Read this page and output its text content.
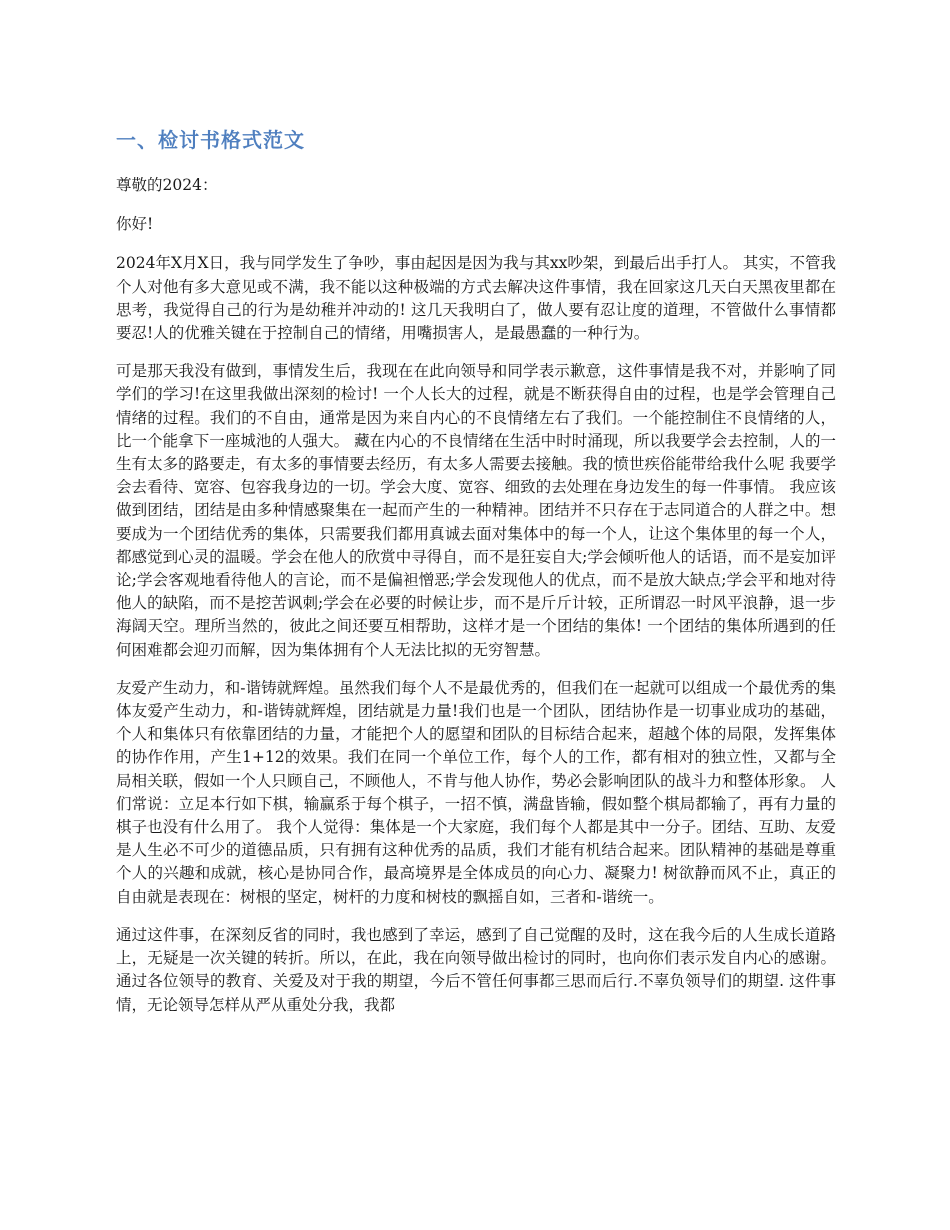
一、检讨书格式范文

尊敬的2024：

你好!

2024年X月X日，我与同学发生了争吵，事由起因是因为我与其xx吵架，到最后出手打人。 其实，不管我个人对他有多大意见或不满，我不能以这种极端的方式去解决这件事情，我在回家这几天白天黑夜里都在思考，我觉得自己的行为是幼稚并冲动的! 这几天我明白了，做人要有忍让度的道理，不管做什么事情都要忍!人的优雅关键在于控制自己的情绪，用嘴损害人，是最愚蠢的一种行为。

可是那天我没有做到，事情发生后，我现在在此向领导和同学表示歉意，这件事情是我不对，并影响了同学们的学习!在这里我做出深刻的检讨! 一个人长大的过程，就是不断获得自由的过程，也是学会管理自己情绪的过程。我们的不自由，通常是因为来自内心的不良情绪左右了我们。一个能控制住不良情绪的人，比一个能拿下一座城池的人强大。 藏在内心的不良情绪在生活中时时涌现，所以我要学会去控制，人的一生有太多的路要走，有太多的事情要去经历，有太多人需要去接触。我的愤世疾俗能带给我什么呢 我要学会去看待、宽容、包容我身边的一切。学会大度、宽容、细致的去处理在身边发生的每一件事情。 我应该做到团结，团结是由多种情感聚集在一起而产生的一种精神。团结并不只存在于志同道合的人群之中。想要成为一个团结优秀的集体，只需要我们都用真诚去面对集体中的每一个人，让这个集体里的每一个人，都感觉到心灵的温暖。学会在他人的欣赏中寻得自，而不是狂妄自大;学会倾听他人的话语，而不是妄加评论;学会客观地看待他人的言论，而不是偏袒憎恶;学会发现他人的优点，而不是放大缺点;学会平和地对待他人的缺陷，而不是挖苦讽刺;学会在必要的时候让步，而不是斤斤计较，正所谓忍一时风平浪静，退一步海阔天空。理所当然的，彼此之间还要互相帮助，这样才是一个团结的集体! 一个团结的集体所遇到的任何困难都会迎刃而解，因为集体拥有个人无法比拟的无穷智慧。

友爱产生动力，和-谐铸就辉煌。虽然我们每个人不是最优秀的，但我们在一起就可以组成一个最优秀的集体友爱产生动力，和-谐铸就辉煌，团结就是力量!我们也是一个团队，团结协作是一切事业成功的基础，个人和集体只有依靠团结的力量，才能把个人的愿望和团队的目标结合起来，超越个体的局限，发挥集体的协作作用，产生1+12的效果。我们在同一个单位工作，每个人的工作，都有相对的独立性，又都与全局相关联，假如一个人只顾自己，不顾他人，不肯与他人协作，势必会影响团队的战斗力和整体形象。 人们常说：立足本行如下棋，输赢系于每个棋子，一招不慎，满盘皆输，假如整个棋局都输了，再有力量的棋子也没有什么用了。 我个人觉得：集体是一个大家庭，我们每个人都是其中一分子。团结、互助、友爱是人生必不可少的道德品质，只有拥有这种优秀的品质，我们才能有机结合起来。团队精神的基础是尊重个人的兴趣和成就，核心是协同合作，最高境界是全体成员的向心力、凝聚力! 树欲静而风不止，真正的自由就是表现在：树根的坚定，树杆的力度和树枝的飘摇自如，三者和-谐统一。

通过这件事，在深刻反省的同时，我也感到了幸运，感到了自己觉醒的及时，这在我今后的人生成长道路上，无疑是一次关键的转折。所以，在此，我在向领导做出检讨的同时，也向你们表示发自内心的感谢。通过各位领导的教育、关爱及对于我的期望，今后不管任何事都三思而后行.不辜负领导们的期望. 这件事情，无论领导怎样从严从重处分我，我都
